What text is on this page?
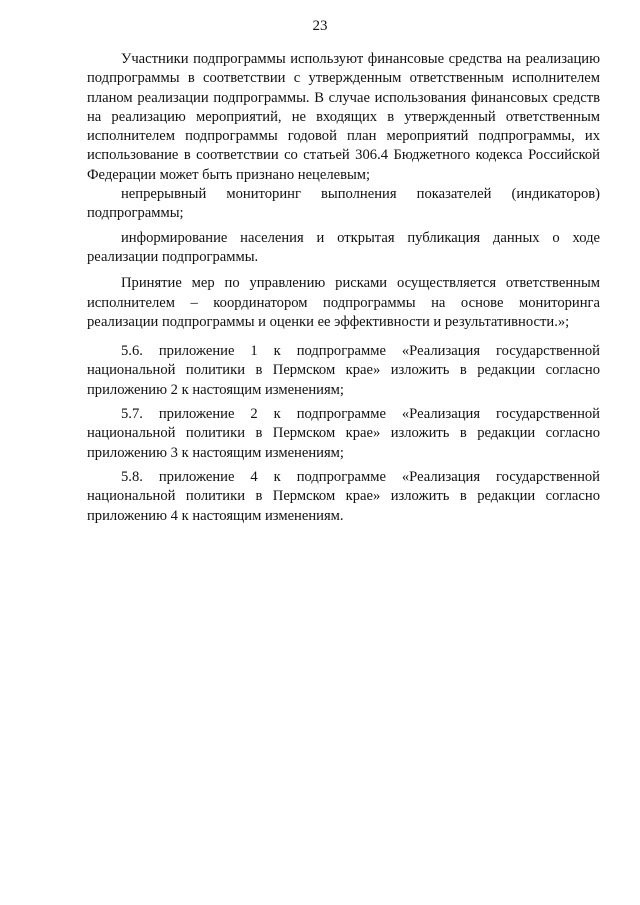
23

Участники подпрограммы используют финансовые средства на реализацию подпрограммы в соответствии с утвержденным ответственным исполнителем планом реализации подпрограммы. В случае использования финансовых средств на реализацию мероприятий, не входящих в утвержденный ответственным исполнителем подпрограммы годовой план мероприятий подпрограммы, их использование в соответствии со статьей 306.4 Бюджетного кодекса Российской Федерации может быть признано нецелевым;

непрерывный мониторинг выполнения показателей (индикаторов) подпрограммы;

информирование населения и открытая публикация данных о ходе реализации подпрограммы.

Принятие мер по управлению рисками осуществляется ответственным исполнителем – координатором подпрограммы на основе мониторинга реализации подпрограммы и оценки ее эффективности и результативности.»;

5.6. приложение 1 к подпрограмме «Реализация государственной национальной политики в Пермском крае» изложить в редакции согласно приложению 2 к настоящим изменениям;

5.7. приложение 2 к подпрограмме «Реализация государственной национальной политики в Пермском крае» изложить в редакции согласно приложению 3 к настоящим изменениям;

5.8. приложение 4 к подпрограмме «Реализация государственной национальной политики в Пермском крае» изложить в редакции согласно приложению 4 к настоящим изменениям.
